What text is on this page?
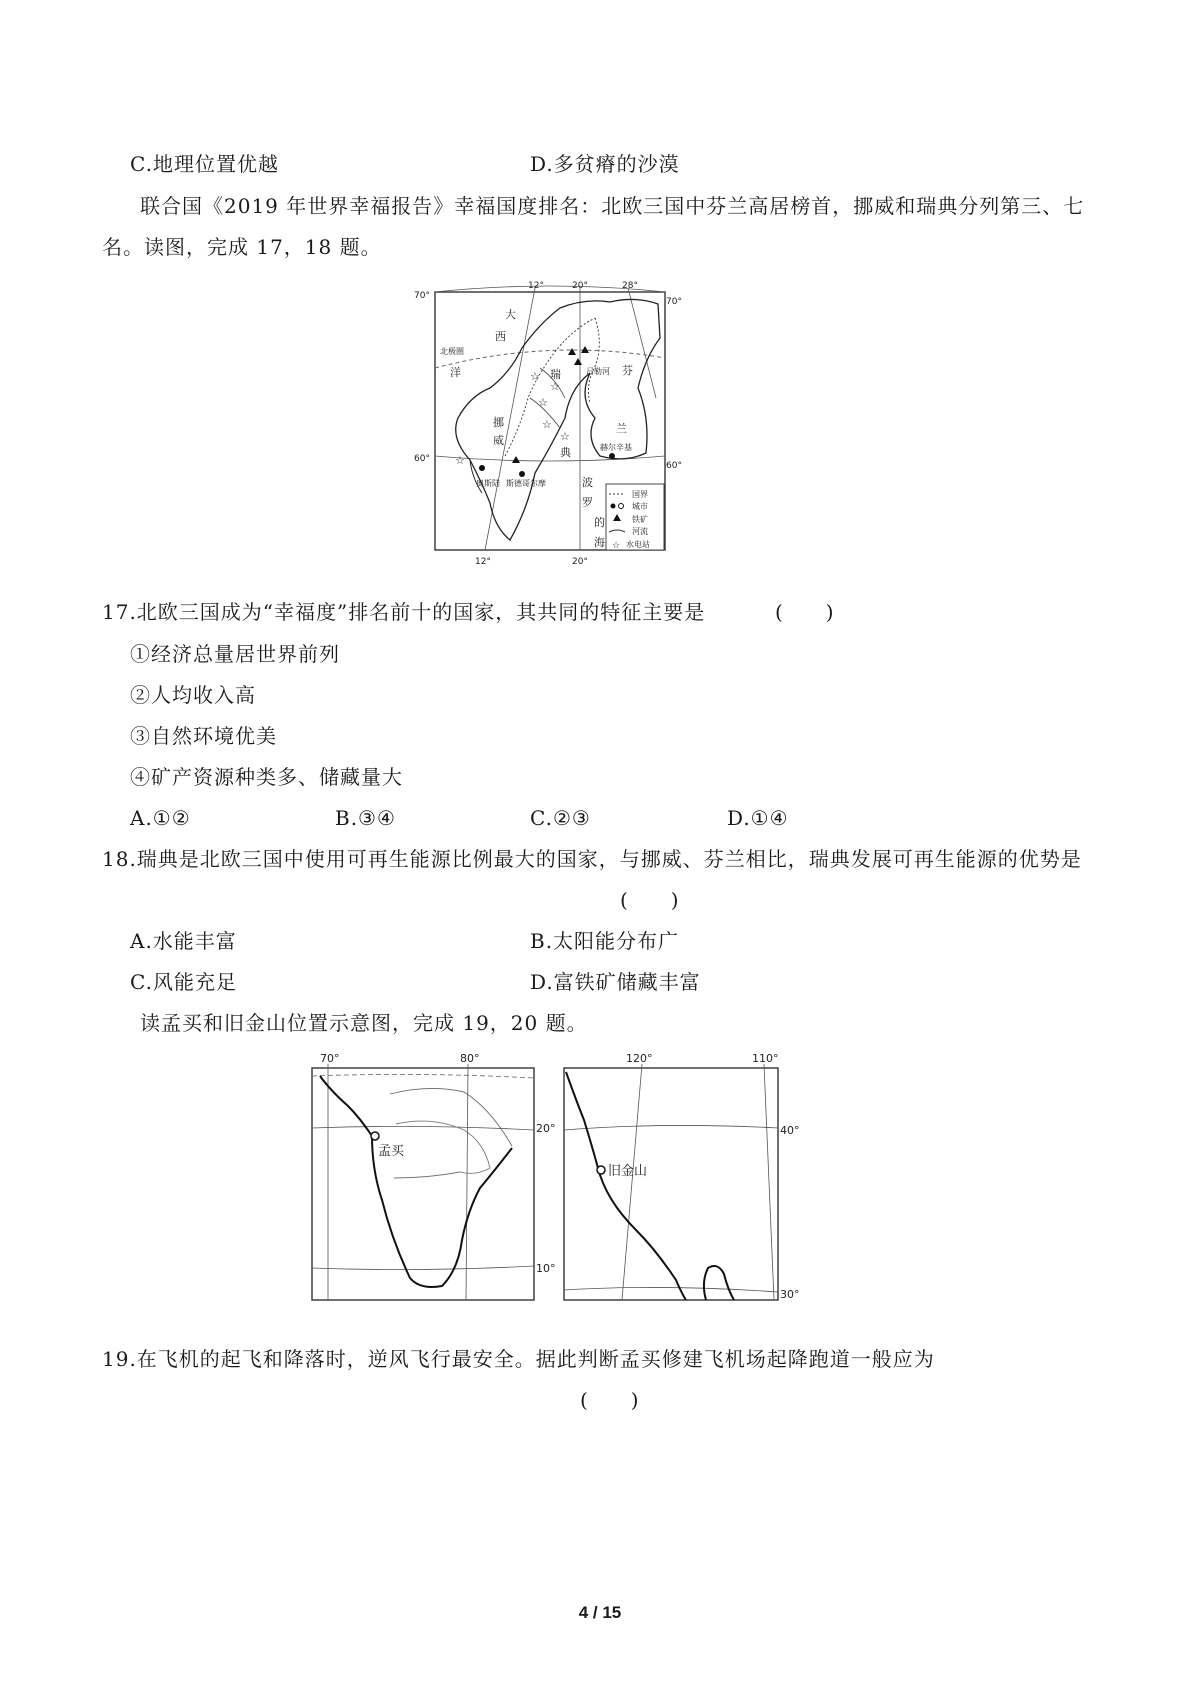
C.地理位置优越	D.多贫瘠的沙漠
联合国《2019 年世界幸福报告》幸福国度排名：北欧三国中芬兰高居榜首，挪威和瑞典分列第三、七
名。读图，完成 17，18 题。
☆
☆
☆
☆
☆
☆
70°
70°
60°
60°
12°	20°	28°
12°	20°
北极圈
大
西
洋
波
罗
的
海
挪
威
瑞
典
芬
兰
赫尔辛基
斯德哥尔摩
奥斯陆
吕勒河
☆
国界
城市
铁矿
河流
水电站
17.北欧三国成为“幸福度”排名前十的国家，其共同的特征主要是	(　　)
①经济总量居世界前列
②人均收入高
③自然环境优美
④矿产资源种类多、储藏量大
A.①②	B.③④	C.②③	D.①④
18.瑞典是北欧三国中使用可再生能源比例最大的国家，与挪威、芬兰相比，瑞典发展可再生能源的优势是
(　　)
A.水能丰富	B.太阳能分布广
C.风能充足	D.富铁矿储藏丰富
读孟买和旧金山位置示意图，完成 19，20 题。
70°	80°
20°
10°
孟买
120°	110°
40°
30°
旧金山
19.在飞机的起飞和降落时，逆风飞行最安全。据此判断孟买修建飞机场起降跑道一般应为
(　　)
4 / 15
